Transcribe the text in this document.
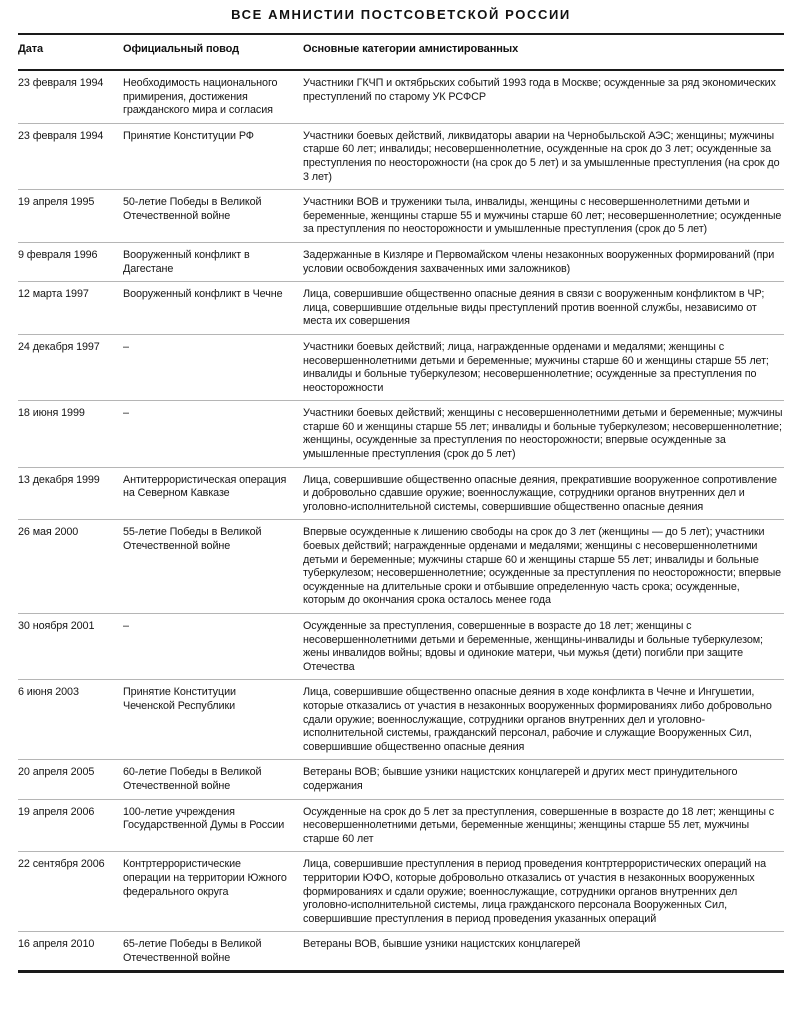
ВСЕ АМНИСТИИ ПОСТСОВЕТСКОЙ РОССИИ
Дата	Официальный повод	Основные категории амнистированных
23 февраля 1994	Необходимость национального примирения, достижения гражданского мира и согласия	Участники ГКЧП и октябрьских событий 1993 года в Москве; осужденные за ряд экономических преступлений по старому УК РСФСР
23 февраля 1994	Принятие Конституции РФ	Участники боевых действий, ликвидаторы аварии на Чернобыльской АЭС; женщины; мужчины старше 60 лет; инвалиды; несовершеннолетние, осужденные на срок до 3 лет; осужденные за преступления по неосторожности (на срок до 5 лет) и за умышленные преступления (на срок до 3 лет)
19 апреля 1995	50-летие Победы в Великой Отечественной войне	Участники ВОВ и труженики тыла, инвалиды, женщины с несовершеннолетними детьми и беременные, женщины старше 55 и мужчины старше 60 лет; несовершеннолетние; осужденные за преступления по неосторожности и умышленные преступления (срок до 5 лет)
9 февраля 1996	Вооруженный конфликт в Дагестане	Задержанные в Кизляре и Первомайском члены незаконных вооруженных формирований (при условии освобождения захваченных ими заложников)
12 марта 1997	Вооруженный конфликт в Чечне	Лица, совершившие общественно опасные деяния в связи с вооруженным конфликтом в ЧР; лица, совершившие отдельные виды преступлений против военной службы, независимо от места их совершения
24 декабря 1997	–	Участники боевых действий; лица, награжденные орденами и медалями; женщины с несовершеннолетними детьми и беременные; мужчины старше 60 и женщины старше 55 лет; инвалиды и больные туберкулезом; несовершеннолетние; осужденные за преступления по неосторожности
18 июня 1999	–	Участники боевых действий; женщины с несовершеннолетними детьми и беременные; мужчины старше 60 и женщины старше 55 лет; инвалиды и больные туберкулезом; несовершеннолетние; женщины, осужденные за преступления по неосторожности; впервые осужденные за умышленные преступления (срок до 5 лет)
13 декабря 1999	Антитеррористическая операция на Северном Кавказе	Лица, совершившие общественно опасные деяния, прекратившие вооруженное сопротивление и добровольно сдавшие оружие; военнослужащие, сотрудники органов внутренних дел и уголовно-исполнительной системы, совершившие общественно опасные деяния
26 мая 2000	55-летие Победы в Великой Отечественной войне	Впервые осужденные к лишению свободы на срок до 3 лет (женщины — до 5 лет); участники боевых действий; награжденные орденами и медалями; женщины с несовершеннолетними детьми и беременные; мужчины старше 60 и женщины старше 55 лет; инвалиды и больные туберкулезом; несовершеннолетние; осужденные за преступления по неосторожности; впервые осужденные на длительные сроки и отбывшие определенную часть срока; осужденные, которым до окончания срока осталось менее года
30 ноября 2001	–	Осужденные за преступления, совершенные в возрасте до 18 лет; женщины с несовершеннолетними детьми и беременные, женщины-инвалиды и больные туберкулезом; жены инвалидов войны; вдовы и одинокие матери, чьи мужья (дети) погибли при защите Отечества
6 июня 2003	Принятие Конституции Чеченской Республики	Лица, совершившие общественно опасные деяния в ходе конфликта в Чечне и Ингушетии, которые отказались от участия в незаконных вооруженных формированиях либо добровольно сдали оружие; военнослужащие, сотрудники органов внутренних дел и уголовно-исполнительной системы, гражданский персонал, рабочие и служащие Вооруженных Сил, совершившие общественно опасные деяния
20 апреля 2005	60-летие Победы в Великой Отечественной войне	Ветераны ВОВ; бывшие узники нацистских концлагерей и других мест принудительного содержания
19 апреля 2006	100-летие учреждения Государственной Думы в России	Осужденные на срок до 5 лет за преступления, совершенные в возрасте до 18 лет; женщины с несовершеннолетними детьми, беременные женщины; женщины старше 55 лет, мужчины старше 60 лет
22 сентября 2006	Контртеррористические операции на территории Южного федерального округа	Лица, совершившие преступления в период проведения контртеррористических операций на территории ЮФО, которые добровольно отказались от участия в незаконных вооруженных формированиях и сдали оружие; военнослужащие, сотрудники органов внутренних дел уголовно-исполнительной системы, лица гражданского персонала Вооруженных Сил, совершившие преступления в период проведения указанных операций
16 апреля 2010	65-летие Победы в Великой Отечественной войне	Ветераны ВОВ, бывшие узники нацистских концлагерей
